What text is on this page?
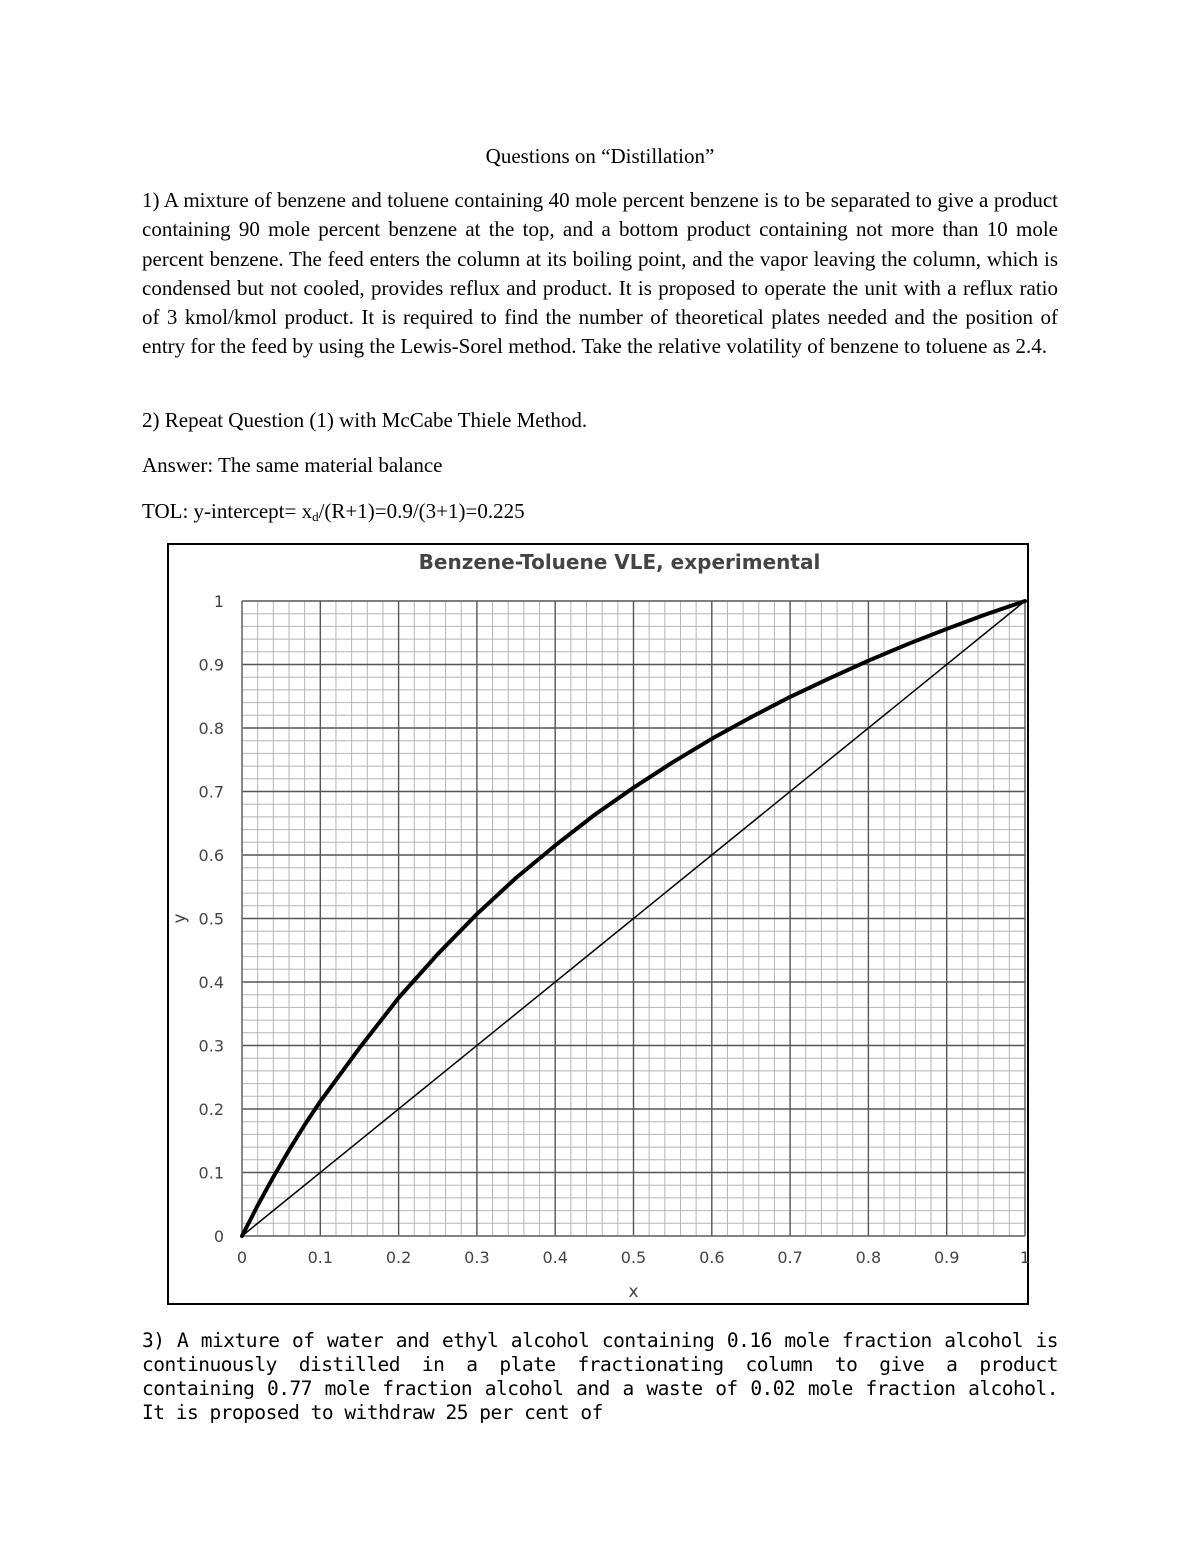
Questions on “Distillation”
1) A mixture of benzene and toluene containing 40 mole percent benzene is to be separated to give a product containing 90 mole percent benzene at the top, and a bottom product containing not more than 10 mole percent benzene. The feed enters the column at its boiling point, and the vapor leaving the column, which is condensed but not cooled, provides reflux and product. It is proposed to operate the unit with a reflux ratio of 3 kmol/kmol product. It is required to find the number of theoretical plates needed and the position of entry for the feed by using the Lewis-Sorel method. Take the relative volatility of benzene to toluene as 2.4.
2) Repeat Question (1) with McCabe Thiele Method.
Answer: The same material balance
TOL: y-intercept= $x_d/(R+1)=0.9/(3+1)=0.225$
Benzene-Toluene VLE, experimental
0	0.1	0.2	0.3	0.4	0.5	0.6	0.7	0.8	0.9	1
0
0.1
0.2
0.3
0.4
0.5
0.6
0.7
0.8
0.9
1
x
y
3) A mixture of water and ethyl alcohol containing 0.16 mole fraction alcohol is continuously distilled in a plate fractionating column to give a product containing 0.77 mole fraction alcohol and a waste of 0.02 mole fraction alcohol. It is proposed to withdraw 25 per cent of
